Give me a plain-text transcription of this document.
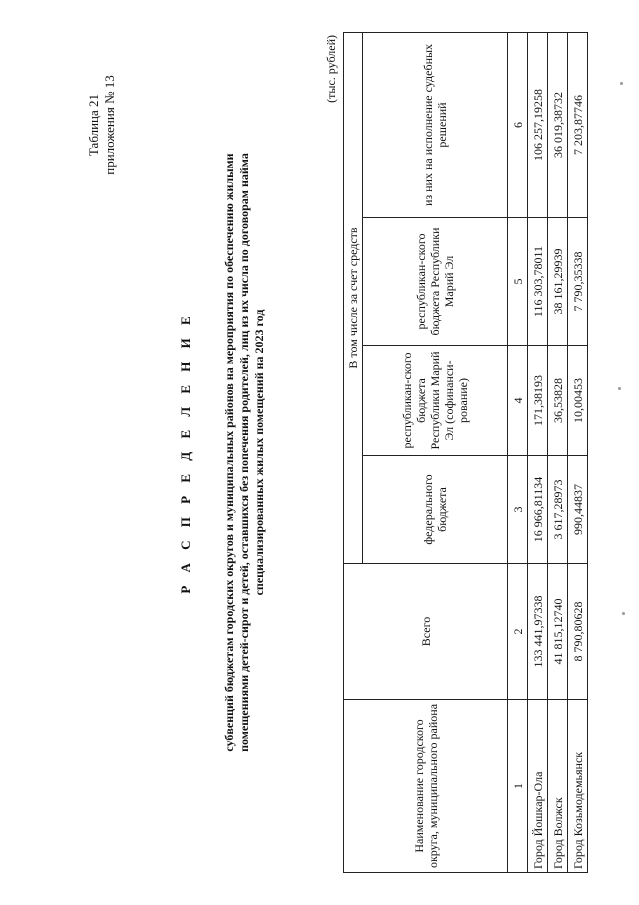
Таблица 21 приложения № 13
Р А С П Р Е Д Е Л Е Н И Е субвенций бюджетам городских округов и муниципальных районов на мероприятия по обеспечению жилыми помещениями детей-сирот и детей, оставшихся без попечения родителей, лиц из их числа по договорам найма специализированных жилых помещений на 2023 год
(тыс. рублей)
Наименование городского округа, муниципального района	Всего	В том числе за счет средств			
		федерального бюджета	республикан-ского бюджета Республики Марий Эл (софинанси-рование)	республикан-ского бюджета Республики Марий Эл	из них на исполнение судебных решений
1	2	3	4	5	6
Город Йошкар-Ола	133 441,97338	16 966,81134	171,38193	116 303,78011	106 257,19258
Город Волжск	41 815,12740	3 617,28973	36,53828	38 161,29939	36 019,38732
Город Козьмодемьянск	8 790,80628	990,44837	10,00453	7 790,35338	7 203,87746
